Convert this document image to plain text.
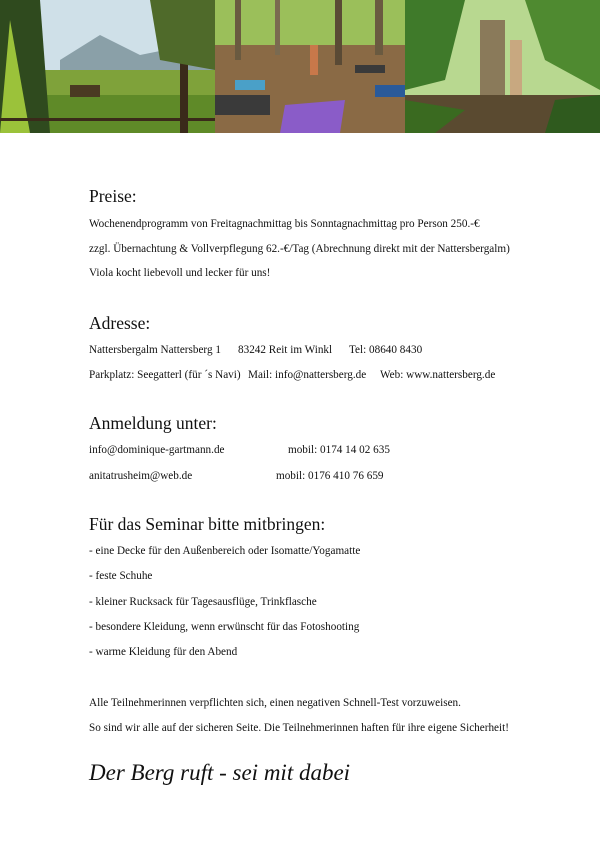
Preise:
Wochenendprogramm von Freitagnachmittag bis Sonntagnachmittag pro Person 250.-€
zzgl. Übernachtung & Vollverpflegung 62.-€/Tag (Abrechnung direkt mit der Nattersbergalm)
Viola kocht liebevoll und lecker für uns!
Adresse:
Nattersbergalm Nattersberg 1 83242 Reit im Winkl Tel: 08640 8430
Parkplatz: Seegatterl (für ´s Navi) Mail: info@nattersberg.de Web: www.nattersberg.de
Anmeldung unter:
info@dominique-gartmann.de	mobil: 0174 14 02 635
anitatrusheim@web.de	mobil: 0176 410 76 659
Für das Seminar bitte mitbringen:
- eine Decke für den Außenbereich oder Isomatte/Yogamatte
- feste Schuhe
- kleiner Rucksack für Tagesausflüge, Trinkflasche
- besondere Kleidung, wenn erwünscht für das Fotoshooting
- warme Kleidung für den Abend
Alle Teilnehmerinnen verpflichten sich, einen negativen Schnell-Test vorzuweisen.
So sind wir alle auf der sicheren Seite. Die Teilnehmerinnen haften für ihre eigene Sicherheit!
Der Berg ruft - sei mit dabei
